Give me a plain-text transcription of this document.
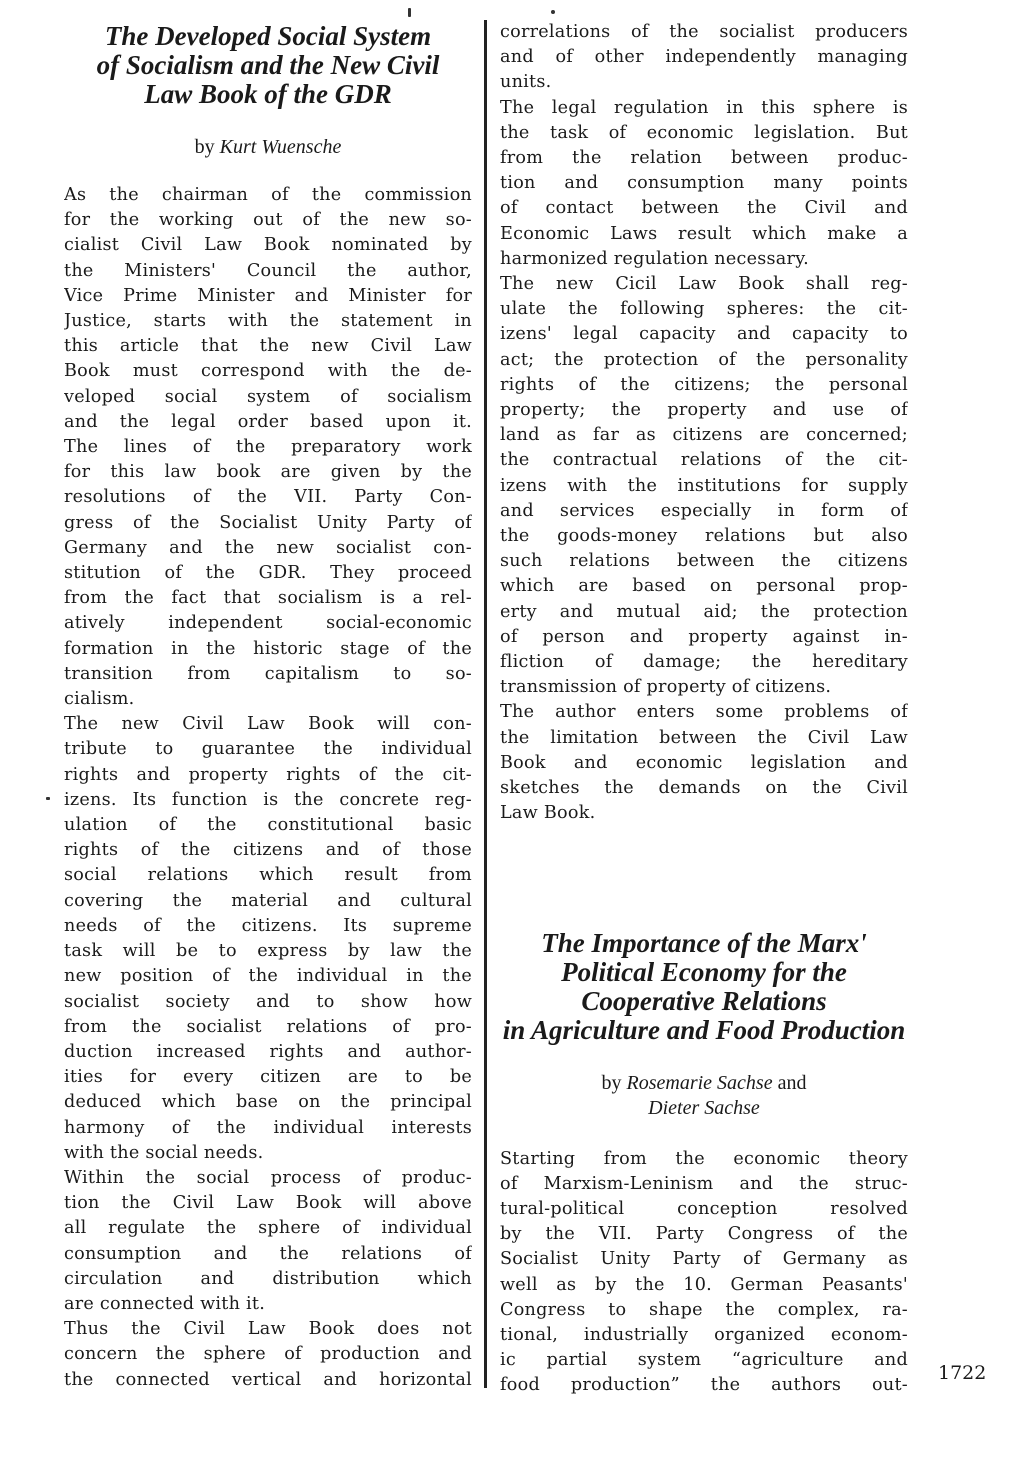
The Developed Social System
of Socialism and the New Civil
Law Book of the GDR
by Kurt Wuensche

As the chairman of the commission
for the working out of the new so-
cialist Civil Law Book nominated by
the Ministers' Council the author,
Vice Prime Minister and Minister for
Justice, starts with the statement in
this article that the new Civil Law
Book must correspond with the de-
veloped social system of socialism
and the legal order based upon it.
The lines of the preparatory work
for this law book are given by the
resolutions of the VII. Party Con-
gress of the Socialist Unity Party of
Germany and the new socialist con-
stitution of the GDR. They proceed
from the fact that socialism is a rel-
atively independent social-economic
formation in the historic stage of the
transition from capitalism to so-
cialism.

The new Civil Law Book will con-
tribute to guarantee the individual
rights and property rights of the cit-
izens. Its function is the concrete reg-
ulation of the constitutional basic
rights of the citizens and of those
social relations which result from
covering the material and cultural
needs of the citizens. Its supreme
task will be to express by law the
new position of the individual in the
socialist society and to show how
from the socialist relations of pro-
duction increased rights and author-
ities for every citizen are to be
deduced which base on the principal
harmony of the individual interests
with the social needs.

Within the social process of produc-
tion the Civil Law Book will above
all regulate the sphere of individual
consumption and the relations of
circulation and distribution which
are connected with it.

Thus the Civil Law Book does not
concern the sphere of production and
the connected vertical and horizontal

correlations of the socialist producers
and of other independently managing
units.

The legal regulation in this sphere is
the task of economic legislation. But
from the relation between produc-
tion and consumption many points
of contact between the Civil and
Economic Laws result which make a
harmonized regulation necessary.

The new Cicil Law Book shall reg-
ulate the following spheres: the cit-
izens' legal capacity and capacity to
act; the protection of the personality
rights of the citizens; the personal
property; the property and use of
land as far as citizens are concerned;
the contractual relations of the cit-
izens with the institutions for supply
and services especially in form of
the goods-money relations but also
such relations between the citizens
which are based on personal prop-
erty and mutual aid; the protection
of person and property against in-
fliction of damage; the hereditary
transmission of property of citizens.

The author enters some problems of
the limitation between the Civil Law
Book and economic legislation and
sketches the demands on the Civil
Law Book.

The Importance of the Marx'
Political Economy for the
Cooperative Relations
in Agriculture and Food Production
by Rosemarie Sachse and
Dieter Sachse

Starting from the economic theory
of Marxism-Leninism and the struc-
tural-political conception resolved
by the VII. Party Congress of the
Socialist Unity Party of Germany as
well as by the 10. German Peasants'
Congress to shape the complex, ra-
tional, industrially organized econom-
ic partial system “agriculture and
food production” the authors out-

1722
